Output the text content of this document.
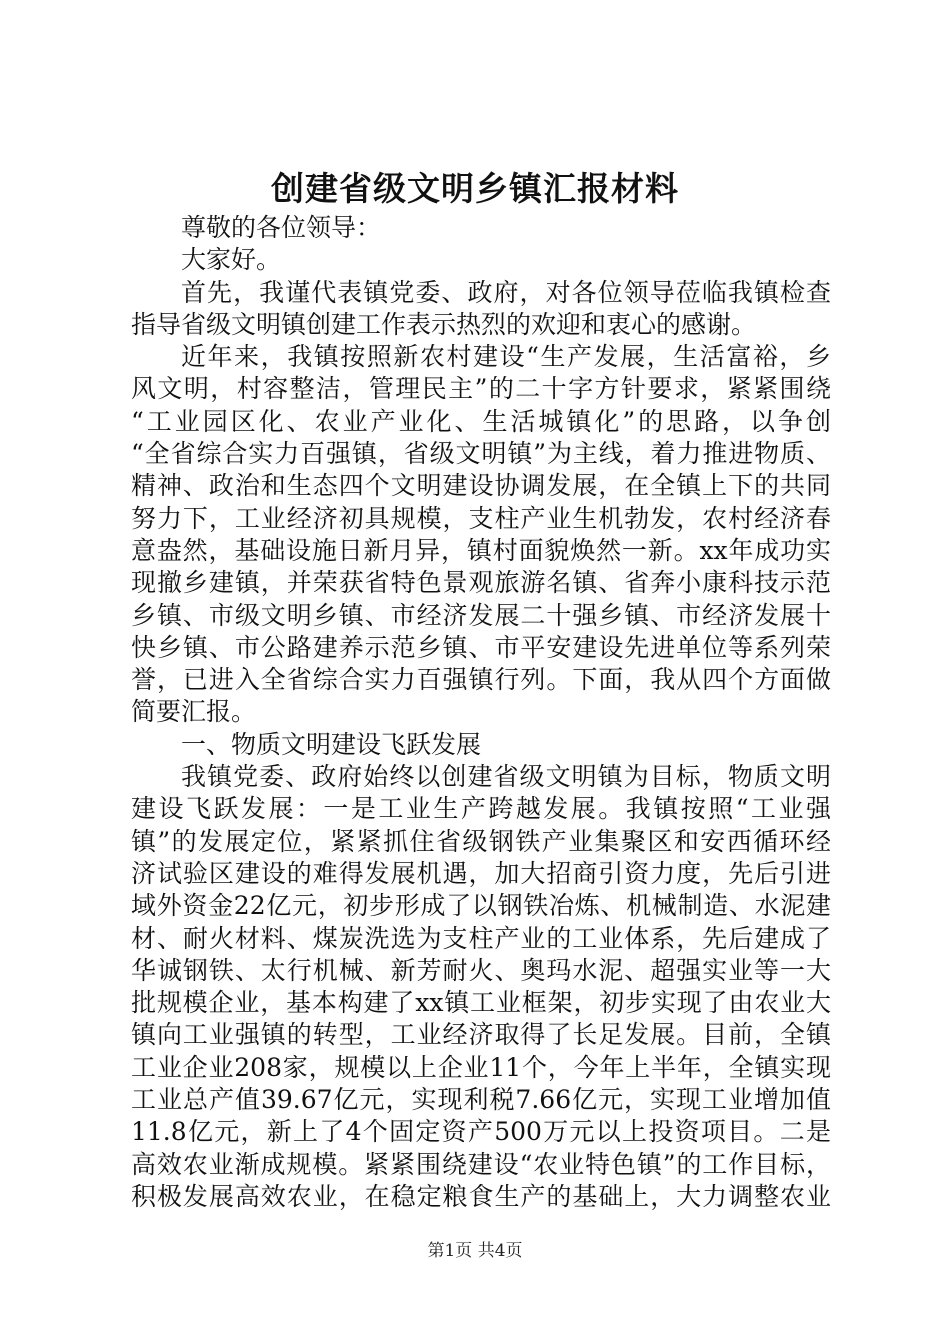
创建省级文明乡镇汇报材料
尊敬的各位领导：
大家好。
首先，我谨代表镇党委、政府，对各位领导莅临我镇检查
指导省级文明镇创建工作表示热烈的欢迎和衷心的感谢。
近年来，我镇按照新农村建设“生产发展，生活富裕，乡
风文明，村容整洁，管理民主”的二十字方针要求，紧紧围绕
“工业园区化、农业产业化、生活城镇化”的思路，以争创
“全省综合实力百强镇，省级文明镇”为主线，着力推进物质、
精神、政治和生态四个文明建设协调发展，在全镇上下的共同
努力下，工业经济初具规模，支柱产业生机勃发，农村经济春
意盎然，基础设施日新月异，镇村面貌焕然一新。xx年成功实
现撤乡建镇，并荣获省特色景观旅游名镇、省奔小康科技示范
乡镇、市级文明乡镇、市经济发展二十强乡镇、市经济发展十
快乡镇、市公路建养示范乡镇、市平安建设先进单位等系列荣
誉，已进入全省综合实力百强镇行列。下面，我从四个方面做
简要汇报。
一、物质文明建设飞跃发展
我镇党委、政府始终以创建省级文明镇为目标，物质文明
建设飞跃发展：一是工业生产跨越发展。我镇按照“工业强
镇”的发展定位，紧紧抓住省级钢铁产业集聚区和安西循环经
济试验区建设的难得发展机遇，加大招商引资力度，先后引进
域外资金22亿元，初步形成了以钢铁冶炼、机械制造、水泥建
材、耐火材料、煤炭洗选为支柱产业的工业体系，先后建成了
华诚钢铁、太行机械、新芳耐火、奥玛水泥、超强实业等一大
批规模企业，基本构建了xx镇工业框架，初步实现了由农业大
镇向工业强镇的转型，工业经济取得了长足发展。目前，全镇
工业企业208家，规模以上企业11个，今年上半年，全镇实现
工业总产值39.67亿元，实现利税7.66亿元，实现工业增加值
11.8亿元，新上了4个固定资产500万元以上投资项目。二是
高效农业渐成规模。紧紧围绕建设“农业特色镇”的工作目标，
积极发展高效农业，在稳定粮食生产的基础上，大力调整农业
第1页 共4页
